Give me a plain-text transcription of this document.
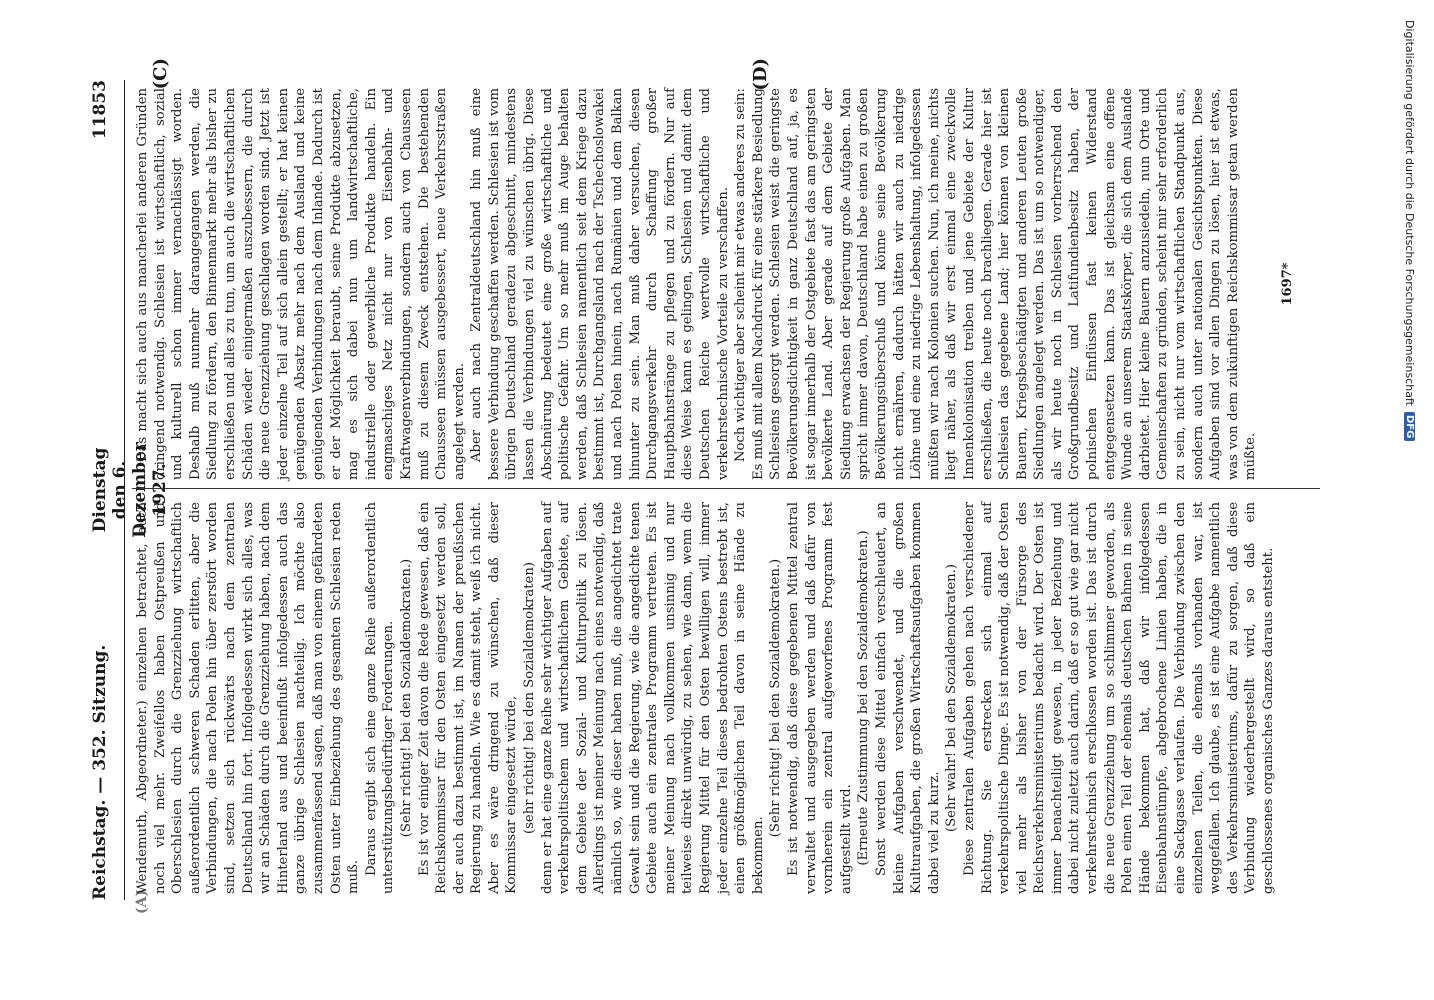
Reichstag. — 352. Sitzung.
Dienstag den 6. Dezember 1927.
11853
(A)
(C)	(D)

Wendemuth, Abgeordneter.) einzelnen betrachtet, auch noch viel mehr. Zweifellos haben Ostpreußen und Oberschlesien durch die Grenzziehung wirtschaftlich außerordentlich schweren Schaden erlitten, aber die Verbindungen, die nach Polen hin über zerstört worden sind, setzen sich rückwärts nach dem zentralen Deutschland hin fort. Infolgedessen wirkt sich alles, was wir an Schäden durch die Grenzziehung haben, nach dem Hinterland aus und beeinflußt infolgedessen auch das ganze übrige Schlesien nachteilig. Ich möchte also zusammenfassend sagen, daß man von einem gefährdeten Osten unter Einbeziehung des gesamten Schlesien reden muß.

Daraus ergibt sich eine ganze Reihe außerordentlich unterstützungsbedürftiger Forderungen. (Sehr richtig! bei den Sozialdemokraten.) Es ist vor einiger Zeit davon die Rede gewesen, daß ein Reichskommissar für den Osten eingesetzt werden soll, der auch dazu bestimmt ist, im Namen der preußischen Regierung zu handeln. Wie es damit steht, weiß ich nicht. Aber es wäre dringend zu wünschen, daß dieser Kommissar eingesetzt würde, (sehr richtig! bei den Sozialdemokraten) denn er hat eine ganze Reihe sehr wichtiger Aufgaben auf verkehrspolitischem und wirtschaftlichem Gebiete, auf dem Gebiete der Sozial- und Kulturpolitik zu lösen. Allerdings ist meiner Meinung nach eines notwendig, daß nämlich so, wie dieser haben muß, die angedichtet trate Gewalt sein und die Regierung, wie die angedichte tenen Gebiete auch ein zentrales Programm vertreten. Es ist meiner Meinung nach vollkommen unsinnig und nur teilweise direkt unwürdig, zu sehen, wie dann, wenn die Regierung Mittel für den Osten bewilligen will, immer jeder einzelne Teil dieses bedrohten Ostens bestrebt ist, einen größtmöglichen Teil davon in seine Hände zu bekommen.

(Sehr richtig! bei den Sozialdemokraten.) Es ist notwendig, daß diese gegebenen Mittel zentral verwaltet und ausgegeben werden und daß dafür von vornherein ein zentral aufgeworfenes Programm fest aufgestellt wird. (Erneute Zustimmung bei den Sozialdemokraten.) Sonst werden diese Mittel einfach verschleudert, an kleine Aufgaben verschwendet, und die großen Kulturaufgaben, die großen Wirtschaftsaufgaben kommen dabei viel zu kurz.

(Sehr wahr! bei den Sozialdemokraten.) Diese zentralen Aufgaben gehen nach verschiedener Richtung. Sie erstrecken sich einmal auf verkehrspolitische Dinge. Es ist notwendig, daß der Osten viel mehr als bisher von der Fürsorge des Reichsverkehrsministeriums bedacht wird. Der Osten ist immer benachteiligt gewesen, in jeder Beziehung und dabei nicht zuletzt auch darin, daß er so gut wie gar nicht verkehrstechnisch erschlossen worden ist. Das ist durch die neue Grenzziehung um so schlimmer geworden, als Polen einen Teil der ehemals deutschen Bahnen in seine Hände bekommen hat, daß wir infolgedessen Eisenbahnstümpfe, abgebrochene Linien haben, die in eine Sackgasse verlaufen. Die Verbindung zwischen den einzelnen Teilen, die ehemals vorhanden war, ist weggefallen. Ich glaube, es ist eine Aufgabe namentlich des Verkehrsministeriums, dafür zu sorgen, daß diese Verbindung wiederhergestellt wird, so daß ein geschlossenes organisches Ganzes daraus entsteht.

Das macht sich auch aus mancherlei anderen Gründen dringend notwendig. Schlesien ist wirtschaftlich, sozial und kulturell schon immer vernachlässigt worden. Deshalb muß nunmehr darangegangen werden, die Siedlung zu fördern, den Binnenmarkt mehr als bisher zu erschließen und alles zu tun, um auch die wirtschaftlichen Schäden wieder einigermaßen auszubessern, die durch die neue Grenzziehung geschlagen worden sind. Jetzt ist jeder einzelne Teil auf sich allein gestellt; er hat keinen genügenden Absatz mehr nach dem Ausland und keine genügenden Verbindungen nach dem Inlande. Dadurch ist er der Möglichkeit beraubt, seine Produkte abzusetzen, mag es sich dabei nun um landwirtschaftliche, industrielle oder gewerbliche Produkte handeln. Ein engmaschiges Netz nicht nur von Eisenbahn- und Kraftwagenverbindungen, sondern auch von Chausseen muß zu diesem Zweck entstehen. Die bestehenden Chausseen müssen ausgebessert, neue Verkehrsstraßen angelegt werden. Aber auch nach Zentraldeutschland hin muß eine bessere Verbindung geschaffen werden. Schlesien ist vom übrigen Deutschland geradezu abgeschnitt, mindestens lassen die Verbindungen viel zu wünschen übrig. Diese Abschnürung bedeutet eine große wirtschaftliche und politische Gefahr. Um so mehr muß im Auge behalten werden, daß Schlesien namentlich seit dem Kriege dazu bestimmt ist, Durchgangsland nach der Tschechoslowakei und nach Polen hinein, nach Rumänien und dem Balkan hinunter zu sein. Man muß daher versuchen, diesen Durchgangsverkehr durch Schaffung großer Hauptbahnstränge zu pflegen und zu fördern. Nur auf diese Weise kann es gelingen, Schlesien und damit dem Deutschen Reiche wertvolle wirtschaftliche und verkehrstechnische Vorteile zu verschaffen. Noch wichtiger aber scheint mir etwas anderes zu sein: Es muß mit allem Nachdruck für eine stärkere Besiedlung Schlesiens gesorgt werden. Schlesien weist die geringste Bevölkerungsdichtigkeit in ganz Deutschland auf, ja, es ist sogar innerhalb der Ostgebiete fast das am geringsten bevölkerte Land. Aber gerade auf dem Gebiete der Siedlung erwachsen der Regierung große Aufgaben. Man spricht immer davon, Deutschland habe einen zu großen Bevölkerungsüberschuß und könne seine Bevölkerung nicht ernähren, dadurch hätten wir auch zu niedrige Löhne und eine zu niedrige Lebenshaltung, infolgedessen müßten wir nach Kolonien suchen. Nun, ich meine, nichts liegt näher, als daß wir erst einmal eine zweckvolle Innenkolonisation treiben und jene Gebiete der Kultur erschließen, die heute noch brachliegen. Gerade hier ist Schlesien das gegebene Land; hier können von kleinen Bauern, Kriegsbeschädigten und anderen Leuten große Siedlungen angelegt werden. Das ist um so notwendiger, als wir heute noch in Schlesien vorherrschend den Großgrundbesitz und Latifundienbesitz haben, der polnischen Einflüssen fast keinen Widerstand entgegensetzen kann. Das ist gleichsam eine offene Wunde an unserem Staatskörper, die sich dem Auslande darbietet. Hier kleine Bauern anzusiedeln, nun Orte und Gemeinschaften zu gründen, scheint mir sehr erforderlich zu sein, nicht nur vom wirtschaftlichen Standpunkt aus, sondern auch unter nationalen Gesichtspunkten. Diese Aufgaben sind vor allen Dingen zu lösen, hier ist etwas, was von dem zukünftigen Reichskommissar getan werden müßte.

1697*	Digitalisierung gefördert durch die Deutsche Forschungsgemeinschaft
DFG
